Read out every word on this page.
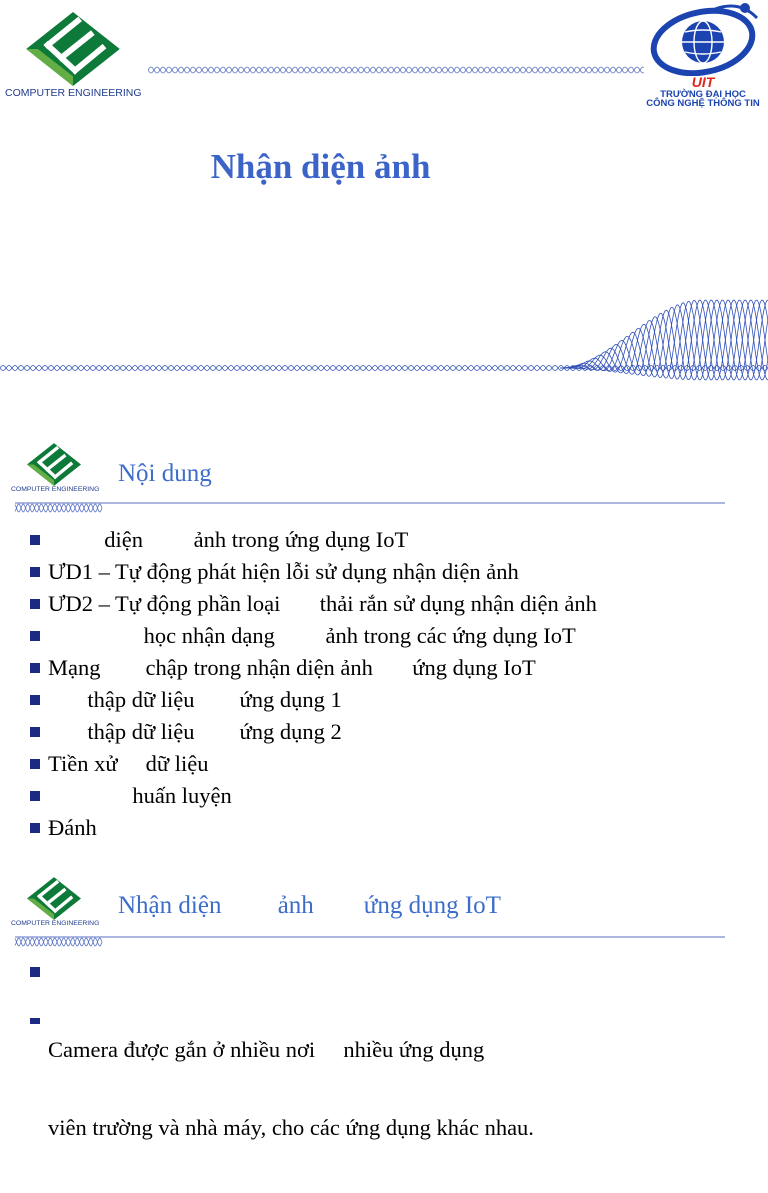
COMPUTER ENGINEERING
UIT
TRƯỜNG ĐẠI HỌC
CÔNG NGHỆ THÔNG TIN
Nhận diện ảnh
COMPUTER ENGINEERING
Nội dung
diện         ảnh trong ứng dụng IoT
ƯD1 – Tự động phát hiện lỗi sử dụng nhận diện ảnh
ƯD2 – Tự động phần loại       thải rắn sử dụng nhận diện ảnh
học nhận dạng         ảnh trong các ứng dụng IoT
Mạng        chập trong nhận diện ảnh       ứng dụng IoT
thập dữ liệu        ứng dụng 1
thập dữ liệu        ứng dụng 2
Tiền xử     dữ liệu
huấn luyện
Đánh
COMPUTER ENGINEERING
Nhận diện         ảnh        ứng dụng IoT

Camera được gắn ở nhiều nơi     nhiều ứng dụng

viên trường và nhà máy, cho các ứng dụng khác nhau.
